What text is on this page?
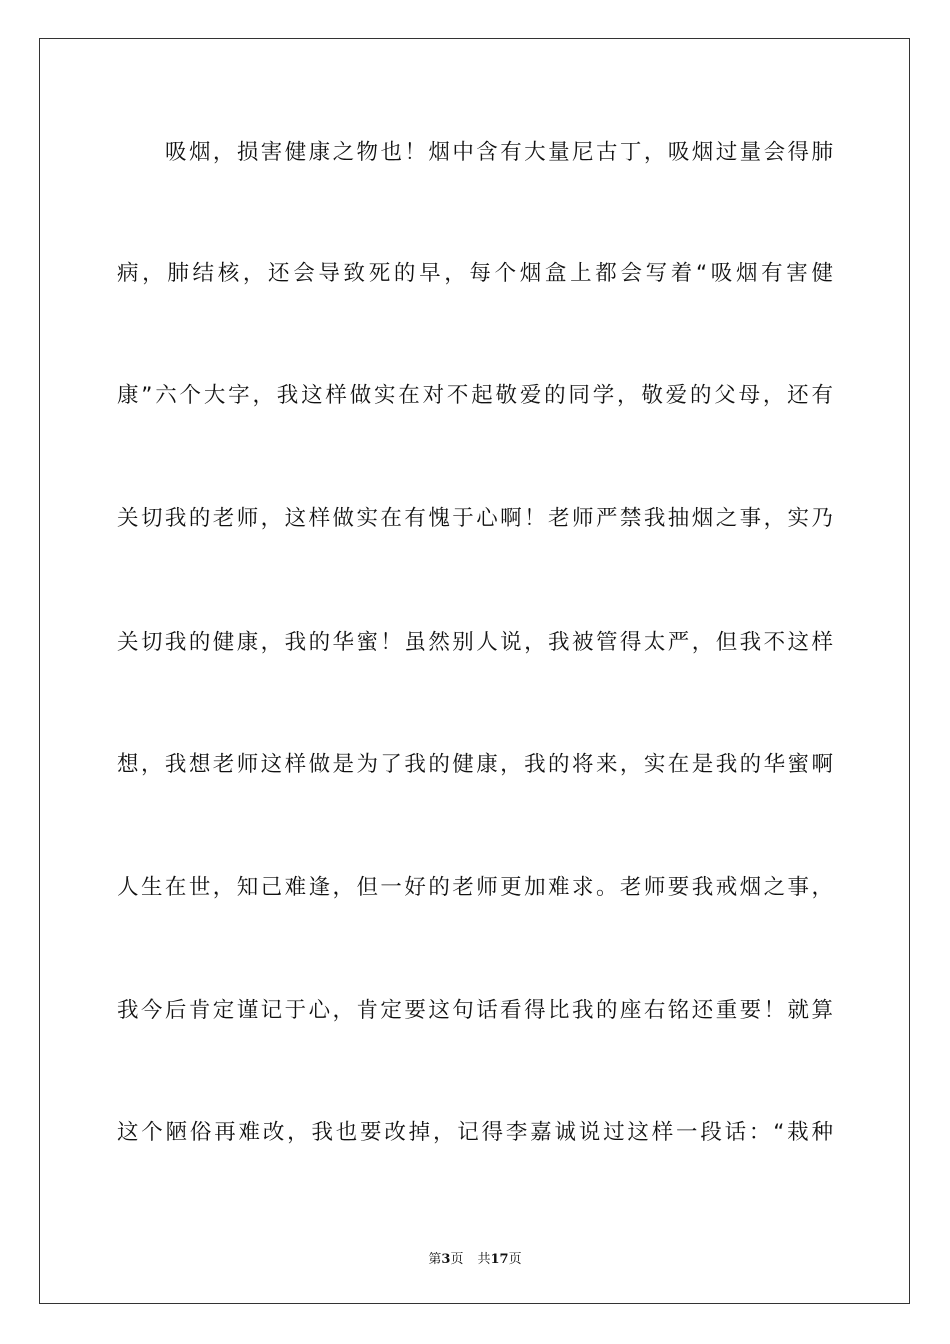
吸烟，损害健康之物也！烟中含有大量尼古丁，吸烟过量会得肺
病，肺结核，还会导致死的早，每个烟盒上都会写着“吸烟有害健
康”六个大字，我这样做实在对不起敬爱的同学，敬爱的父母，还有
关切我的老师，这样做实在有愧于心啊！老师严禁我抽烟之事，实乃
关切我的健康，我的华蜜！虽然别人说，我被管得太严，但我不这样
想，我想老师这样做是为了我的健康，我的将来，实在是我的华蜜啊
人生在世，知己难逢，但一好的老师更加难求。老师要我戒烟之事，
我今后肯定谨记于心，肯定要这句话看得比我的座右铭还重要！就算
这个陋俗再难改，我也要改掉，记得李嘉诚说过这样一段话：“栽种
第3页 共17页
